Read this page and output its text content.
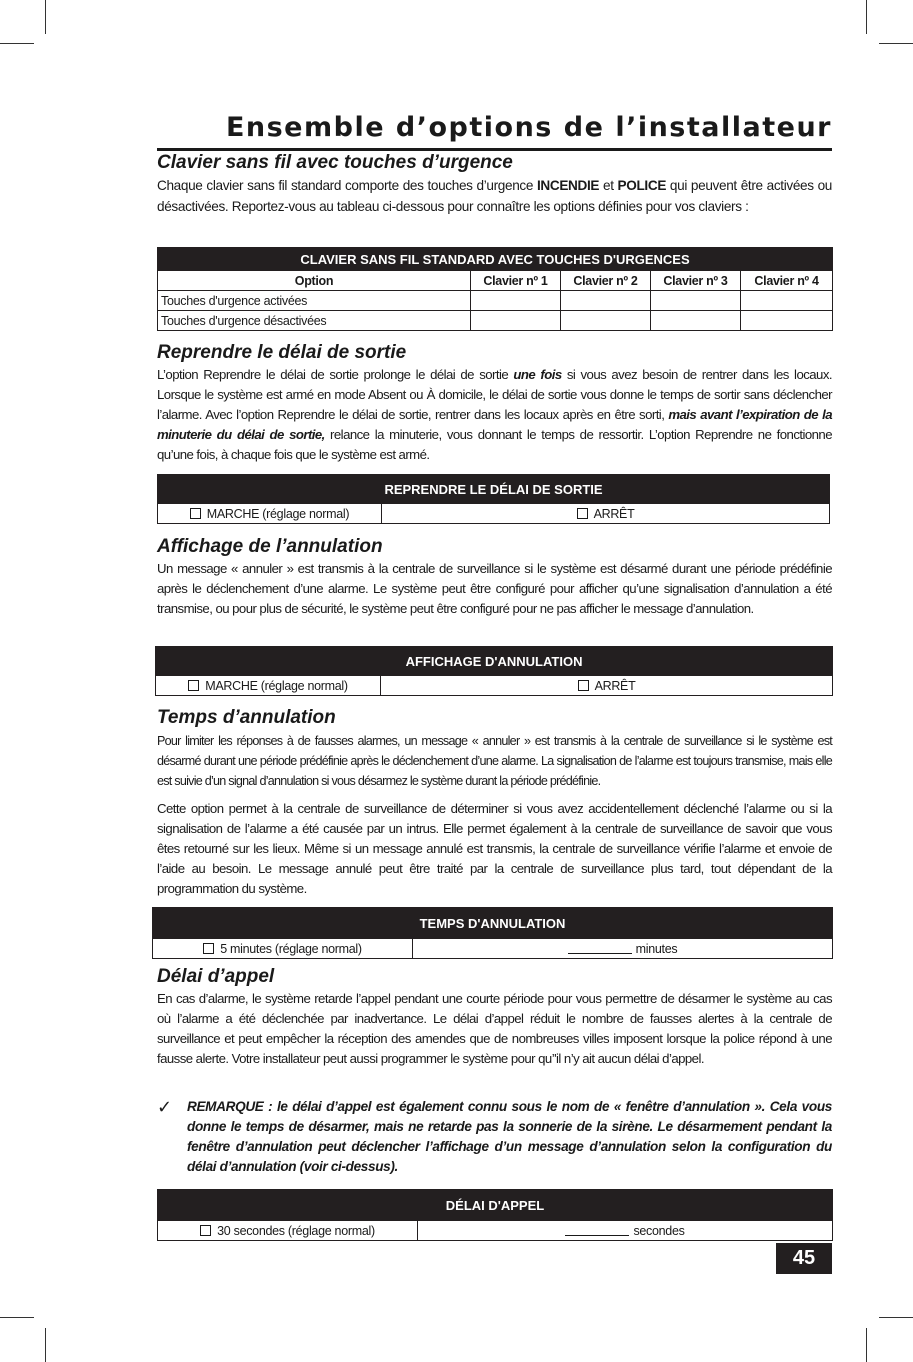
Ensemble d’options de l’installateur
Clavier sans fil avec touches d’urgence

Chaque clavier sans fil standard comporte des touches d’urgence INCENDIE et POLICE qui peuvent être activées ou désactivées. Reportez-vous au tableau ci-dessous pour connaître les options définies pour vos claviers :

CLAVIER SANS FIL STANDARD AVEC TOUCHES D'URGENCES				
Option	Clavier nº 1	Clavier nº 2	Clavier nº 3	Clavier nº 4
Touches d'urgence activées				
Touches d'urgence désactivées				
Reprendre le délai de sortie

L’option Reprendre le délai de sortie prolonge le délai de sortie une fois si vous avez besoin de rentrer dans les locaux. Lorsque le système est armé en mode Absent ou À domicile, le délai de sortie vous donne le temps de sortir sans déclencher l’alarme. Avec l’option Reprendre le délai de sortie, rentrer dans les locaux après en être sorti, mais avant l’expiration de la minuterie du délai de sortie, relance la minuterie, vous donnant le temps de ressortir. L’option Reprendre ne fonctionne qu’une fois, à chaque fois que le système est armé.

REPRENDRE LE DÉLAI DE SORTIE
MARCHE (réglage normal)	ARRÊT
Affichage de l’annulation

Un message « annuler » est transmis à la centrale de surveillance si le système est désarmé durant une période prédéfinie après le déclenchement d’une alarme. Le système peut être configuré pour afficher qu’une signalisation d’annulation a été transmise, ou pour plus de sécurité, le système peut être configuré pour ne pas afficher le message d’annulation.

AFFICHAGE D'ANNULATION
MARCHE (réglage normal)	ARRÊT
Temps d’annulation

Pour limiter les réponses à de fausses alarmes, un message « annuler » est transmis à la centrale de surveillance si le système est désarmé durant une période prédéfinie après le déclenchement d’une alarme. La signalisation de l’alarme est toujours transmise, mais elle est suivie d’un signal d’annulation si vous désarmez le système durant la période prédéfinie.

Cette option permet à la centrale de surveillance de déterminer si vous avez accidentellement déclenché l’alarme ou si la signalisation de l’alarme a été causée par un intrus. Elle permet également à la centrale de surveillance de savoir que vous êtes retourné sur les lieux. Même si un message annulé est transmis, la centrale de surveillance vérifie l’alarme et envoie de l’aide au besoin. Le message annulé peut être traité par la centrale de surveillance plus tard, tout dépendant de la programmation du système.

TEMPS D'ANNULATION
5 minutes (réglage normal)	minutes
Délai d’appel

En cas d’alarme, le système retarde l’appel pendant une courte période pour vous permettre de désarmer le système au cas où l’alarme a été déclenchée par inadvertance. Le délai d’appel réduit le nombre de fausses alertes à la centrale de surveillance et peut empêcher la réception des amendes que de nombreuses villes imposent lorsque la police répond à une fausse alerte. Votre installateur peut aussi programmer le système pour qu’'il n’y ait aucun délai d’appel.

✓ REMARQUE : le délai d’appel est également connu sous le nom de « fenêtre d’annulation ». Cela vous donne le temps de désarmer, mais ne retarde pas la sonnerie de la sirène. Le désarmement pendant la fenêtre d’annulation peut déclencher l’affichage d’un message d’annulation selon la configuration du délai d’annulation (voir ci-dessus).
DÉLAI D'APPEL
30 secondes (réglage normal)	secondes
45
